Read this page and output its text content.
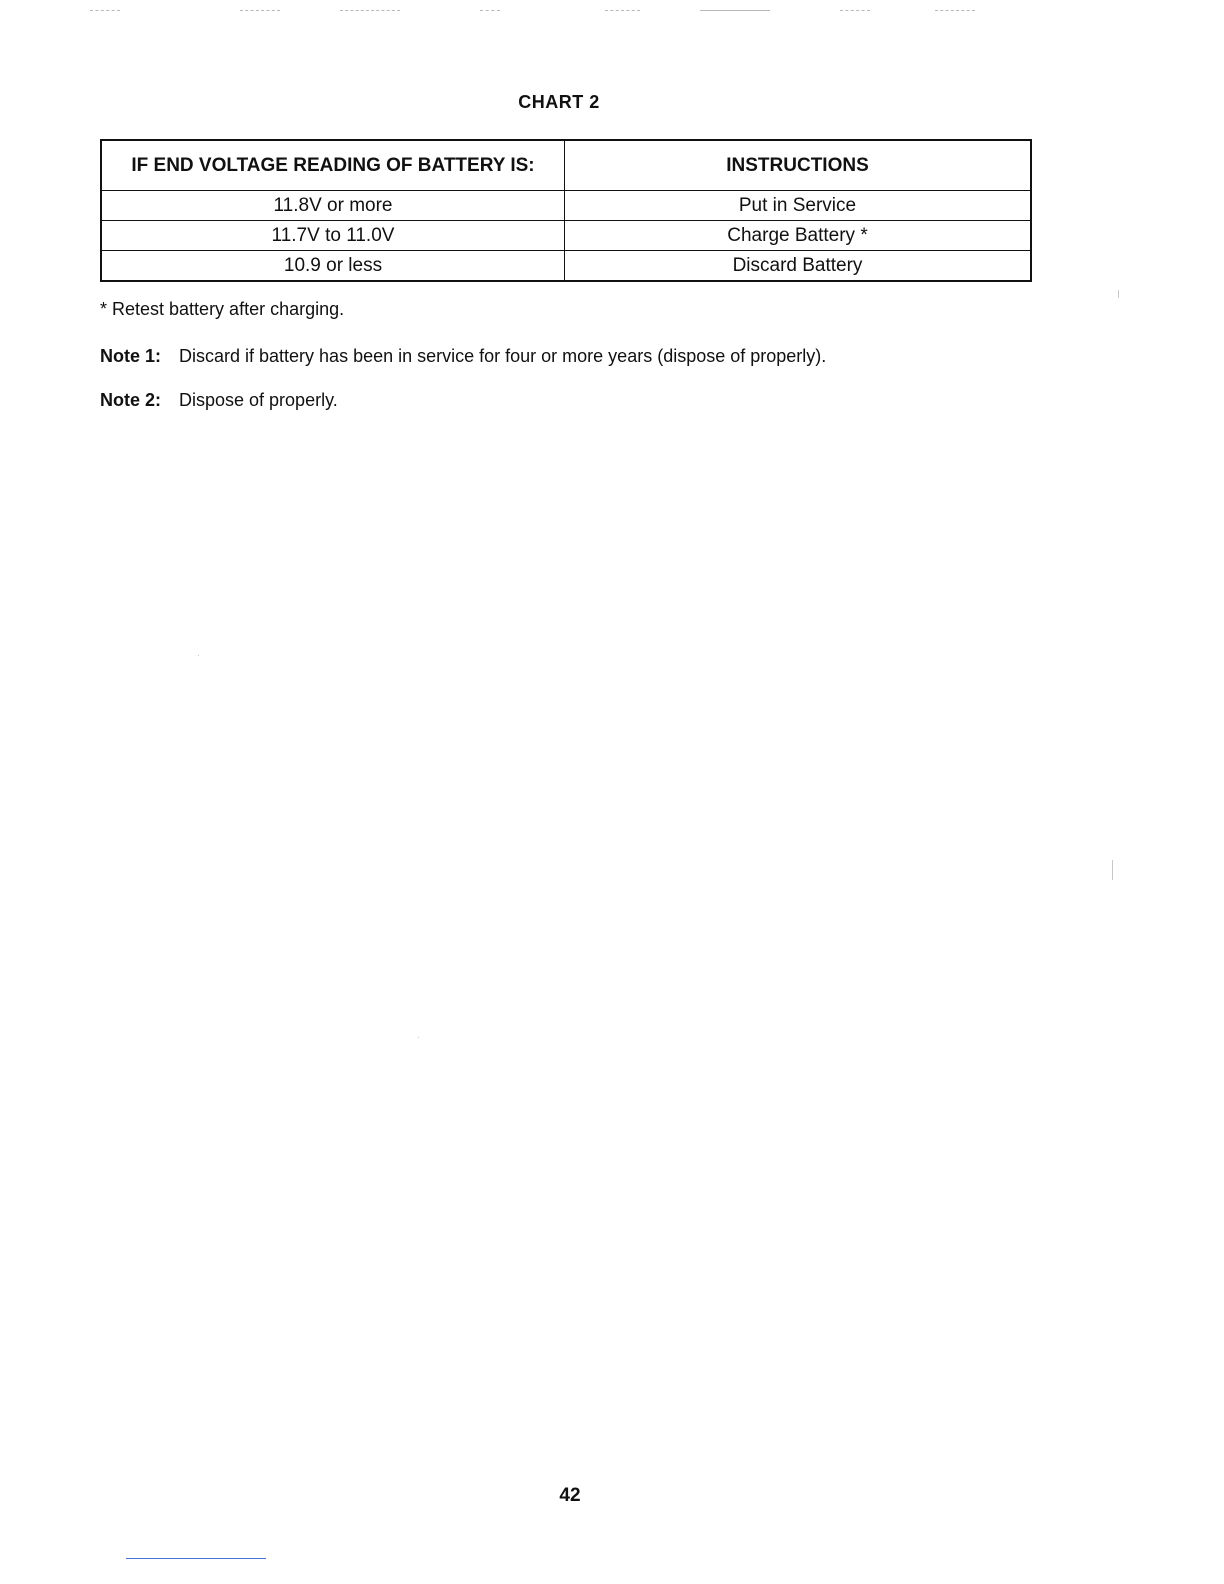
CHART 2
IF END VOLTAGE READING OF BATTERY IS:	INSTRUCTIONS
11.8V or more	Put in Service
11.7V to 11.0V	Charge Battery *
10.9 or less	Discard Battery
* Retest battery after charging.
Note 1: Discard if battery has been in service for four or more years (dispose of properly).
Note 2: Dispose of properly.
42
